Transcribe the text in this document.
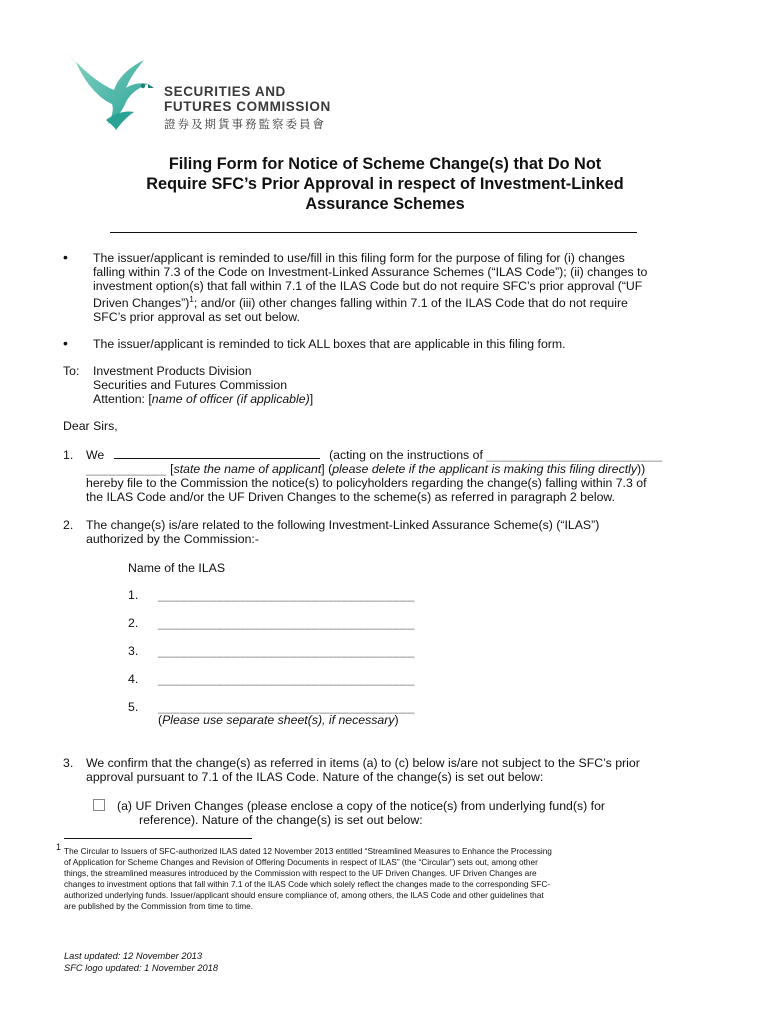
SECURITIES AND
FUTURES COMMISSION
證券及期貨事務監察委員會
Filing Form for Notice of Scheme Change(s) that Do Not
Require SFC’s Prior Approval in respect of Investment-Linked
Assurance Schemes
• The issuer/applicant is reminded to use/fill in this filing form for the purpose of filing for (i) changes
falling within 7.3 of the Code on Investment-Linked Assurance Schemes (“ILAS Code”); (ii) changes to
investment option(s) that fall within 7.1 of the ILAS Code but do not require SFC’s prior approval (“UF
Driven Changes”)$^1$; and/or (iii) other changes falling within 7.1 of the ILAS Code that do not require
SFC’s prior approval as set out below.
• The issuer/applicant is reminded to tick ALL boxes that are applicable in this filing form.
To: Investment Products Division
Securities and Futures Commission
Attention: [name of officer (if applicable)]
Dear Sirs,
1. We	(acting on the instructions of ________________________
___________ [state the name of applicant] (please delete if the applicant is making this filing directly))
hereby file to the Commission the notice(s) to policyholders regarding the change(s) falling within 7.3 of
the ILAS Code and/or the UF Driven Changes to the scheme(s) as referred in paragraph 2 below.
2. The change(s) is/are related to the following Investment-Linked Assurance Scheme(s) (“ILAS”)
authorized by the Commission:-
Name of the ILAS
1. ___________________________________
2. ___________________________________
3. ___________________________________
4. ___________________________________
5. ___________________________________
(Please use separate sheet(s), if necessary)
3. We confirm that the change(s) as referred in items (a) to (c) below is/are not subject to the SFC’s prior
approval pursuant to 7.1 of the ILAS Code. Nature of the change(s) is set out below:
(a) UF Driven Changes (please enclose a copy of the notice(s) from underlying fund(s) for
reference). Nature of the change(s) is set out below:
1 The Circular to Issuers of SFC-authorized ILAS dated 12 November 2013 entitled “Streamlined Measures to Enhance the Processing
of Application for Scheme Changes and Revision of Offering Documents in respect of ILAS” (the “Circular”) sets out, among other
things, the streamlined measures introduced by the Commission with respect to the UF Driven Changes. UF Driven Changes are
changes to investment options that fall within 7.1 of the ILAS Code which solely reflect the changes made to the corresponding SFC-
authorized underlying funds. Issuer/applicant should ensure compliance of, among others, the ILAS Code and other guidelines that
are published by the Commission from time to time.
Last updated: 12 November 2013
SFC logo updated: 1 November 2018
